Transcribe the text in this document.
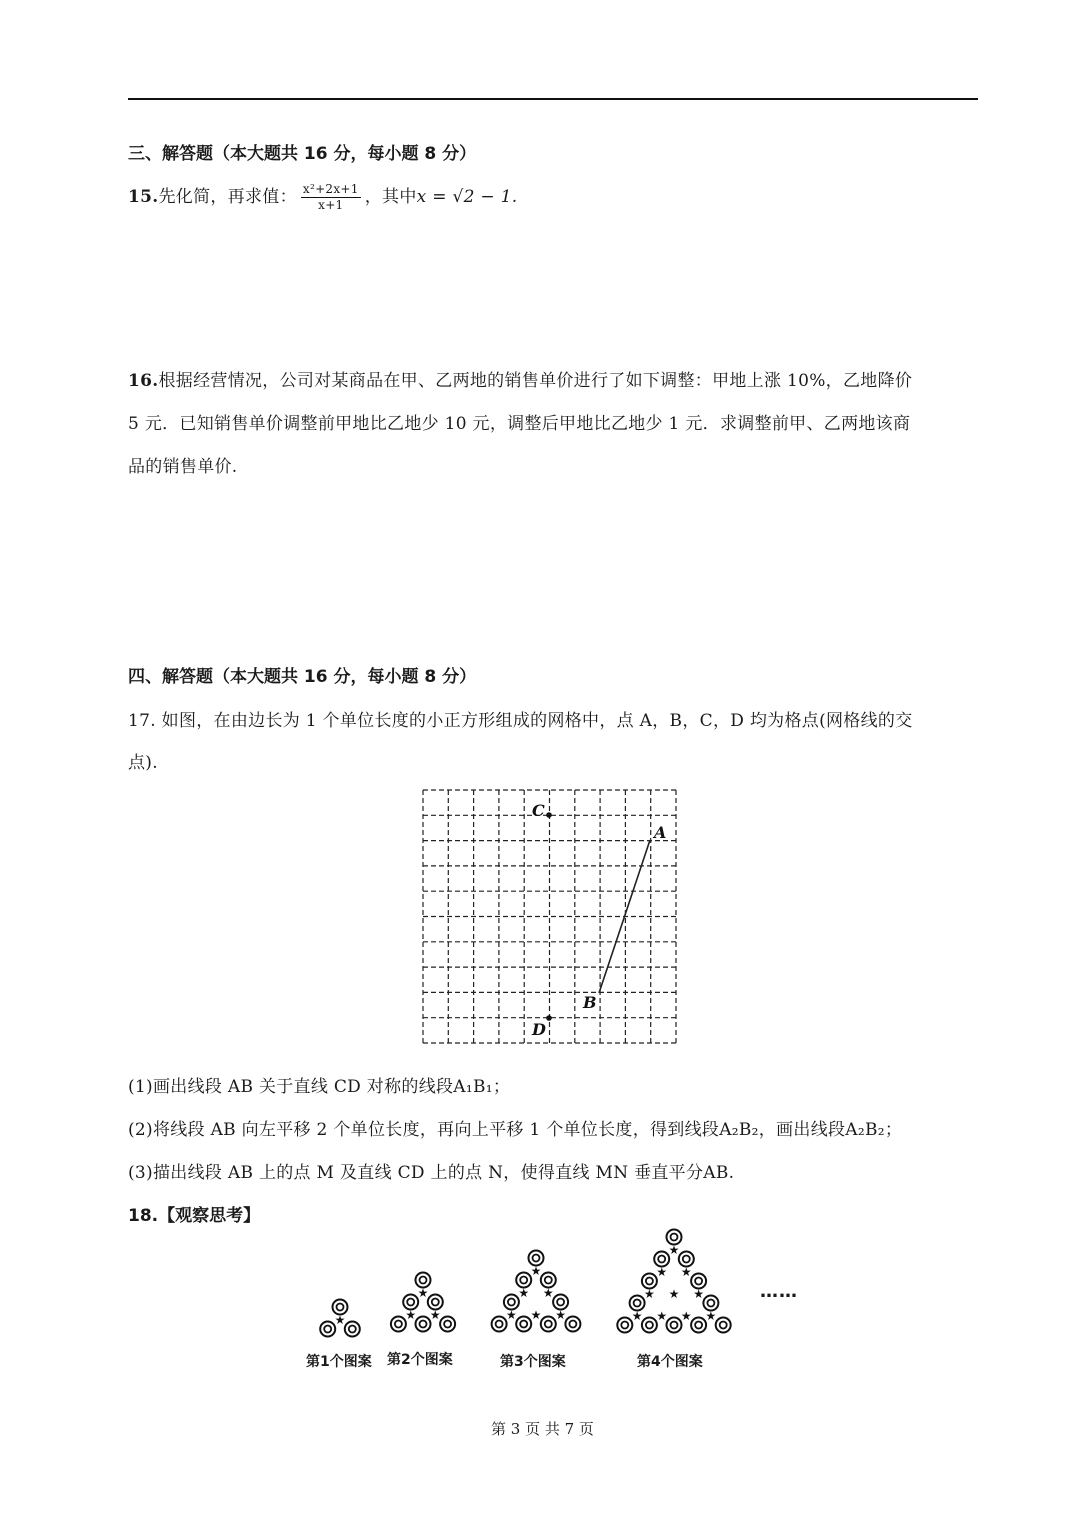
三、解答题（本大题共 16 分，每小题 8 分）
15.先化简，再求值： $\frac{\text{x²+2x+1}}{x+1}$ ，其中x = √2 − 1.
16.根据经营情况，公司对某商品在甲、乙两地的销售单价进行了如下调整：甲地上涨 10%，乙地降价
5 元．已知销售单价调整前甲地比乙地少 10 元，调整后甲地比乙地少 1 元．求调整前甲、乙两地该商
品的销售单价.
四、解答题（本大题共 16 分，每小题 8 分）
17. 如图，在由边长为 1 个单位长度的小正方形组成的网格中，点 A，B，C，D 均为格点(网格线的交
点).
C
A
B
D
(1)画出线段 AB 关于直线 CD 对称的线段A₁B₁；
(2)将线段 AB 向左平移 2 个单位长度，再向上平移 1 个单位长度，得到线段A₂B₂，画出线段A₂B₂；
(3)描出线段 AB 上的点 M 及直线 CD 上的点 N，使得直线 MN 垂直平分AB.
18.【观察思考】
★
★
★ ★
★
★ ★
★ ★ ★
★
★ ★
★ ★ ★
★ ★ ★ ★
第1个图案 第2个图案	第3个图案	第4个图案
……
第 3 页 共 7 页
